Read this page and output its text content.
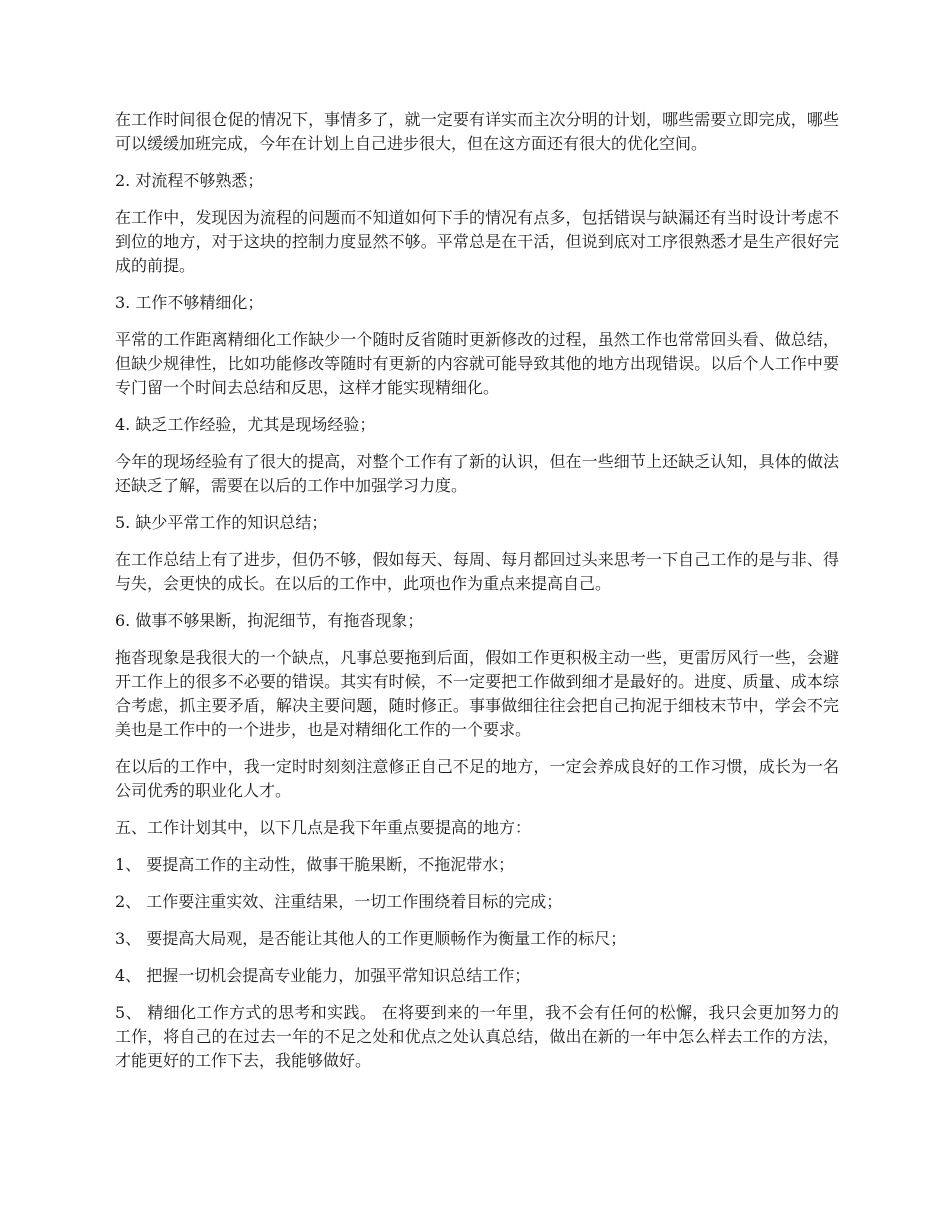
在工作时间很仓促的情况下，事情多了，就一定要有详实而主次分明的计划，哪些需要立即完成，哪些可以缓缓加班完成，今年在计划上自己进步很大，但在这方面还有很大的优化空间。

2. 对流程不够熟悉；

在工作中，发现因为流程的问题而不知道如何下手的情况有点多，包括错误与缺漏还有当时设计考虑不到位的地方，对于这块的控制力度显然不够。平常总是在干活，但说到底对工序很熟悉才是生产很好完成的前提。

3. 工作不够精细化；

平常的工作距离精细化工作缺少一个随时反省随时更新修改的过程，虽然工作也常常回头看、做总结，但缺少规律性，比如功能修改等随时有更新的内容就可能导致其他的地方出现错误。以后个人工作中要专门留一个时间去总结和反思，这样才能实现精细化。

4. 缺乏工作经验，尤其是现场经验；

今年的现场经验有了很大的提高，对整个工作有了新的认识，但在一些细节上还缺乏认知，具体的做法还缺乏了解，需要在以后的工作中加强学习力度。

5. 缺少平常工作的知识总结；

在工作总结上有了进步，但仍不够，假如每天、每周、每月都回过头来思考一下自己工作的是与非、得与失，会更快的成长。在以后的工作中，此项也作为重点来提高自己。

6. 做事不够果断，拘泥细节，有拖沓现象；

拖沓现象是我很大的一个缺点，凡事总要拖到后面，假如工作更积极主动一些，更雷厉风行一些，会避开工作上的很多不必要的错误。其实有时候，不一定要把工作做到细才是最好的。进度、质量、成本综合考虑，抓主要矛盾，解决主要问题，随时修正。事事做细往往会把自己拘泥于细枝末节中，学会不完美也是工作中的一个进步，也是对精细化工作的一个要求。

在以后的工作中，我一定时时刻刻注意修正自己不足的地方，一定会养成良好的工作习惯，成长为一名公司优秀的职业化人才。

五、工作计划其中，以下几点是我下年重点要提高的地方：

1、 要提高工作的主动性，做事干脆果断，不拖泥带水；

2、 工作要注重实效、注重结果，一切工作围绕着目标的完成；

3、 要提高大局观，是否能让其他人的工作更顺畅作为衡量工作的标尺；

4、 把握一切机会提高专业能力，加强平常知识总结工作；

5、 精细化工作方式的思考和实践。 在将要到来的一年里，我不会有任何的松懈，我只会更加努力的工作，将自己的在过去一年的不足之处和优点之处认真总结，做出在新的一年中怎么样去工作的方法，才能更好的工作下去，我能够做好。
